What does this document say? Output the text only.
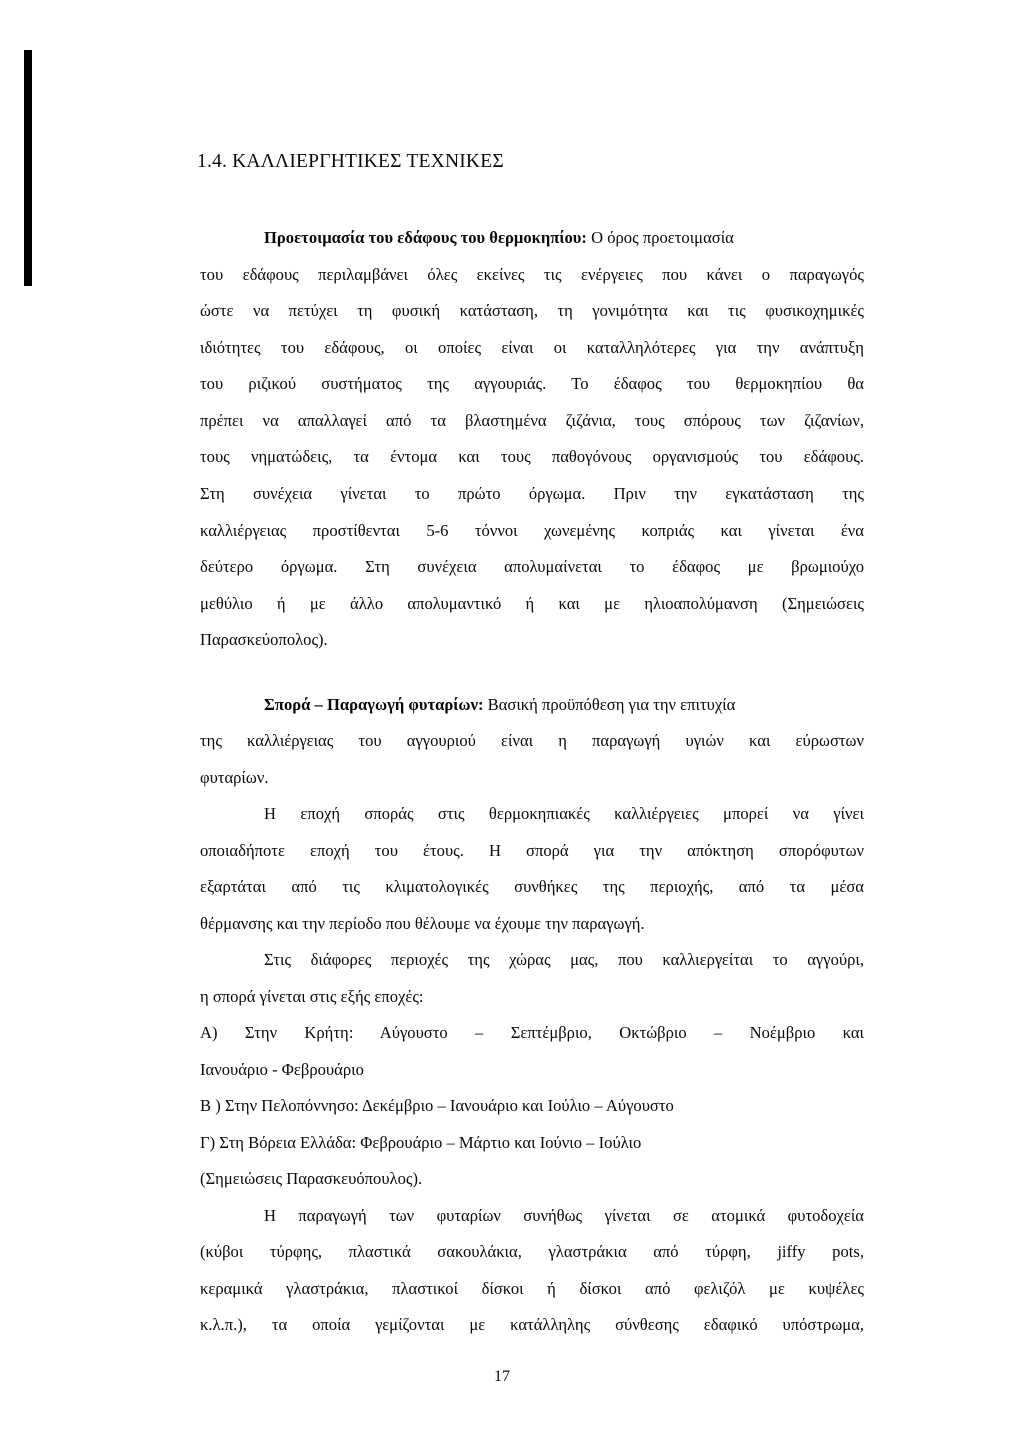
1.4. ΚΑΛΛΙΕΡΓΗΤΙΚΕΣ ΤΕΧΝΙΚΕΣ
Προετοιμασία του εδάφους του θερμοκηπίου: Ο όρος προετοιμασία
του εδάφους περιλαμβάνει όλες εκείνες τις ενέργειες που κάνει ο παραγωγός
ώστε να πετύχει τη φυσική κατάσταση, τη γονιμότητα και τις φυσικοχημικές
ιδιότητες του εδάφους, οι οποίες είναι οι καταλληλότερες για την ανάπτυξη
του ριζικού συστήματος της αγγουριάς. Το έδαφος του θερμοκηπίου θα
πρέπει να απαλλαγεί από τα βλαστημένα ζιζάνια, τους σπόρους των ζιζανίων,
τους νηματώδεις, τα έντομα και τους παθογόνους οργανισμούς του εδάφους.
Στη συνέχεια γίνεται το πρώτο όργωμα. Πριν την εγκατάσταση της
καλλιέργειας προστίθενται 5-6 τόννοι χωνεμένης κοπριάς και γίνεται ένα
δεύτερο όργωμα. Στη συνέχεια απολυμαίνεται το έδαφος με βρωμιούχο
μεθύλιο ή με άλλο απολυμαντικό ή και με ηλιοαπολύμανση (Σημειώσεις
Παρασκεύοπολος).
Σπορά – Παραγωγή φυταρίων: Βασική προϋπόθεση για την επιτυχία
της καλλιέργειας του αγγουριού είναι η παραγωγή υγιών και εύρωστων
φυταρίων.
Η εποχή σποράς στις θερμοκηπιακές καλλιέργειες μπορεί να γίνει
οποιαδήποτε εποχή του έτους. Η σπορά για την απόκτηση σπορόφυτων
εξαρτάται από τις κλιματολογικές συνθήκες της περιοχής, από τα μέσα
θέρμανσης και την περίοδο που θέλουμε να έχουμε την παραγωγή.
Στις διάφορες περιοχές της χώρας μας, που καλλιεργείται το αγγούρι,
η σπορά γίνεται στις εξής εποχές:
Α) Στην Κρήτη: Αύγουστο – Σεπτέμβριο, Οκτώβριο – Νοέμβριο και
Ιανουάριο - Φεβρουάριο
Β ) Στην Πελοπόννησο: Δεκέμβριο – Ιανουάριο και Ιούλιο – Αύγουστο
Γ) Στη Βόρεια Ελλάδα: Φεβρουάριο – Μάρτιο και Ιούνιο – Ιούλιο
(Σημειώσεις Παρασκευόπουλος).
Η παραγωγή των φυταρίων συνήθως γίνεται σε ατομικά φυτοδοχεία
(κύβοι τύρφης, πλαστικά σακουλάκια, γλαστράκια από τύρφη, jiffy pots,
κεραμικά γλαστράκια, πλαστικοί δίσκοι ή δίσκοι από φελιζόλ με κυψέλες
κ.λ.π.), τα οποία γεμίζονται με κατάλληλης σύνθεσης εδαφικό υπόστρωμα,
17
